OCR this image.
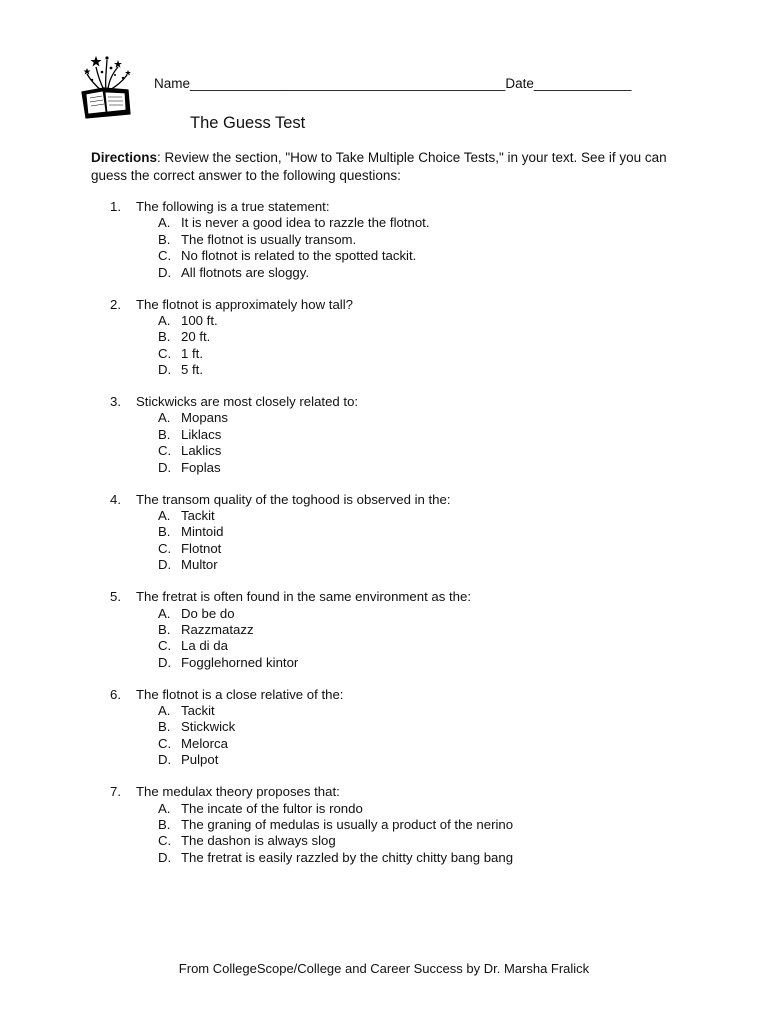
Name__________________________________________Date_____________
The Guess Test
Directions: Review the section, "How to Take Multiple Choice Tests," in your text. See if you can guess the correct answer to the following questions:
1. The following is a true statement:
A. It is never a good idea to razzle the flotnot.
B. The flotnot is usually transom.
C. No flotnot is related to the spotted tackit.
D. All flotnots are sloggy.
2. The flotnot is approximately how tall?
A. 100 ft.
B. 20 ft.
C. 1 ft.
D. 5 ft.
3. Stickwicks are most closely related to:
A. Mopans
B. Liklacs
C. Laklics
D. Foplas
4. The transom quality of the toghood is observed in the:
A. Tackit
B. Mintoid
C. Flotnot
D. Multor
5. The fretrat is often found in the same environment as the:
A. Do be do
B. Razzmatazz
C. La di da
D. Fogglehorned kintor
6. The flotnot is a close relative of the:
A. Tackit
B. Stickwick
C. Melorca
D. Pulpot
7. The medulax theory proposes that:
A. The incate of the fultor is rondo
B. The graning of medulas is usually a product of the nerino
C. The dashon is always slog
D. The fretrat is easily razzled by the chitty chitty bang bang
From CollegeScope/College and Career Success by Dr. Marsha Fralick
